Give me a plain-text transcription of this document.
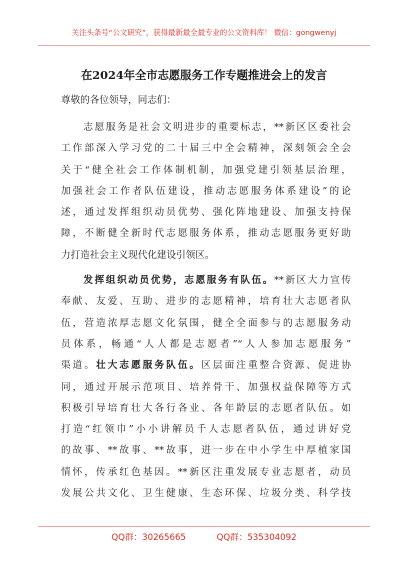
关注头条号“公文研究”，获得最新最全最专业的公文资料库！ 微信：gongwenyj
在2024年全市志愿服务工作专题推进会上的发言
尊敬的各位领导，同志们：
　　志愿服务是社会文明进步的重要标志，**新区区委社会
工作部深入学习党的二十届三中全会精神，深刻领会全会
关于“健全社会工作体制机制，加强党建引领基层治理，
加强社会工作者队伍建设，推动志愿服务体系建设”的论
述，通过发挥组织动员优势、强化阵地建设、加强支持保
障，不断健全新时代志愿服务体系，推动志愿服务更好助
力打造社会主义现代化建设引领区。
　　发挥组织动员优势，志愿服务有队伍。**新区大力宣传
奉献、友爱、互助、进步的志愿精神，培育壮大志愿者队
伍，营造浓厚志愿文化氛围，健全全面参与的志愿服务动
员体系，畅通“人人都是志愿者”“人人参加志愿服务”
渠道。壮大志愿服务队伍。区层面注重整合资源、促进协
同，通过开展示范项目、培养骨干、加强权益保障等方式
积极引导培育壮大各行各业、各年龄层的志愿者队伍。如
打造“红领巾”小小讲解员千人志愿者队伍，通过讲好党
的故事、**故事、**故事，进一步在中小学生中厚植家国
情怀，传承红色基因。**新区注重发展专业志愿者，动员
发展公共文化、卫生健康、生态环保、垃圾分类、科学技
QQ群：30265665	QQ群：535304092
